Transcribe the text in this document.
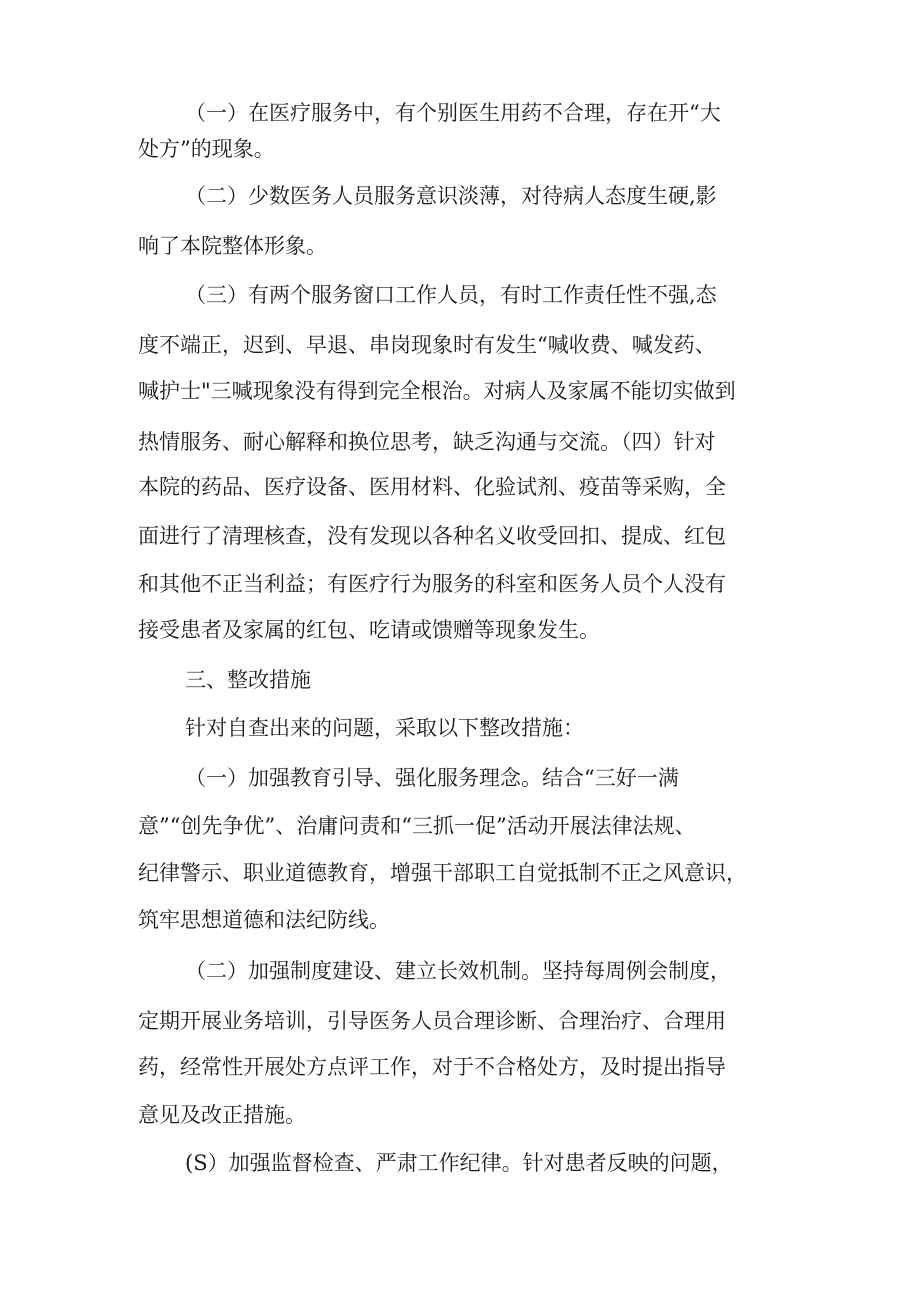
（一）在医疗服务中，有个别医生用药不合理，存在开“大
处方”的现象。
（二）少数医务人员服务意识淡薄，对待病人态度生硬,影
响了本院整体形象。
（三）有两个服务窗口工作人员，有时工作责任性不强,态
度不端正，迟到、早退、串岗现象时有发生“喊收费、喊发药、
喊护士"三喊现象没有得到完全根治。对病人及家属不能切实做到
热情服务、耐心解释和换位思考，缺乏沟通与交流。（四）针对
本院的药品、医疗设备、医用材料、化验试剂、疫苗等采购，全
面进行了清理核查，没有发现以各种名义收受回扣、提成、红包
和其他不正当利益；有医疗行为服务的科室和医务人员个人没有
接受患者及家属的红包、吃请或馈赠等现象发生。
三、整改措施
针对自查出来的问题，采取以下整改措施：
（一）加强教育引导、强化服务理念。结合“三好一满
意”“创先争优”、治庸问责和“三抓一促”活动开展法律法规、
纪律警示、职业道德教育，增强干部职工自觉抵制不正之风意识，
筑牢思想道德和法纪防线。
（二）加强制度建设、建立长效机制。坚持每周例会制度，
定期开展业务培训，引导医务人员合理诊断、合理治疗、合理用
药，经常性开展处方点评工作，对于不合格处方，及时提出指导
意见及改正措施。
(S）加强监督检查、严肃工作纪律。针对患者反映的问题，
